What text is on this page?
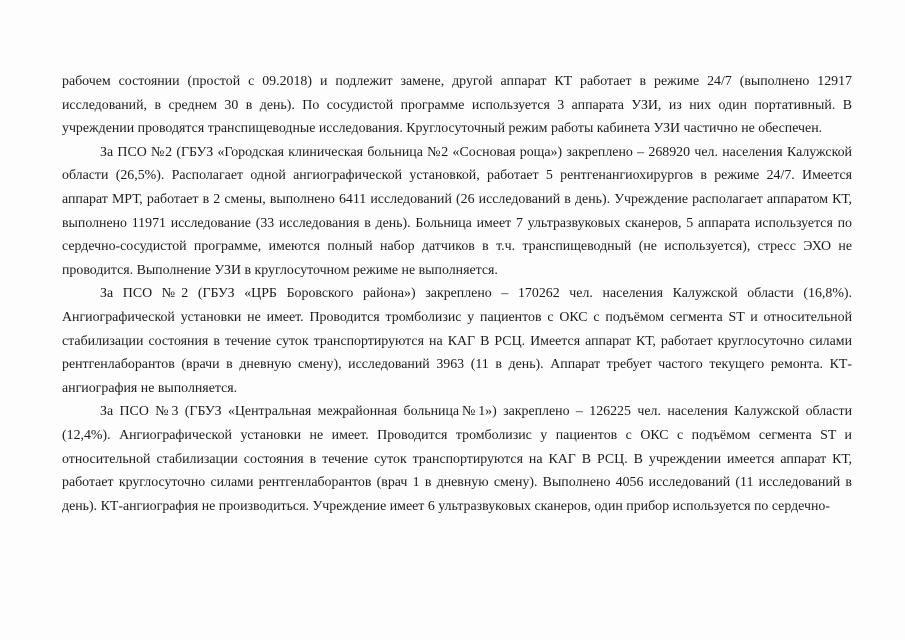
рабочем состоянии (простой с 09.2018) и подлежит замене, другой аппарат КТ работает в режиме 24/7 (выполнено 12917 исследований, в среднем 30 в день). По сосудистой программе используется 3 аппарата УЗИ, из них один портативный. В учреждении проводятся транспищеводные исследования. Круглосуточный режим работы кабинета УЗИ частично не обеспечен.

За ПСО №2 (ГБУЗ «Городская клиническая больница №2 «Сосновая роща») закреплено – 268920 чел. населения Калужской области (26,5%). Располагает одной ангиографической установкой, работает 5 рентгенангиохирургов в режиме 24/7. Имеется аппарат МРТ, работает в 2 смены, выполнено 6411 исследований (26 исследований в день). Учреждение располагает аппаратом КТ, выполнено 11971 исследование (33 исследования в день). Больница имеет 7 ультразвуковых сканеров, 5 аппарата используется по сердечно-сосудистой программе, имеются полный набор датчиков в т.ч. транспищеводный (не используется), стресс ЭХО не проводится. Выполнение УЗИ в круглосуточном режиме не выполняется.

За ПСО №2 (ГБУЗ «ЦРБ Боровского района») закреплено – 170262 чел. населения Калужской области (16,8%). Ангиографической установки не имеет. Проводится тромболизис у пациентов с ОКС с подъёмом сегмента ST и относительной стабилизации состояния в течение суток транспортируются на КАГ В РСЦ. Имеется аппарат КТ, работает круглосуточно силами рентгенлаборантов (врачи в дневную смену), исследований 3963 (11 в день). Аппарат требует частого текущего ремонта. КТ-ангиография не выполняется.

За ПСО №3 (ГБУЗ «Центральная межрайонная больница№1») закреплено – 126225 чел. населения Калужской области (12,4%). Ангиографической установки не имеет. Проводится тромболизис у пациентов с ОКС с подъёмом сегмента ST и относительной стабилизации состояния в течение суток транспортируются на КАГ В РСЦ. В учреждении имеется аппарат КТ, работает круглосуточно силами рентгенлаборантов (врач 1 в дневную смену). Выполнено 4056 исследований (11 исследований в день). КТ-ангиография не производиться. Учреждение имеет 6 ультразвуковых сканеров, один прибор используется по сердечно-
